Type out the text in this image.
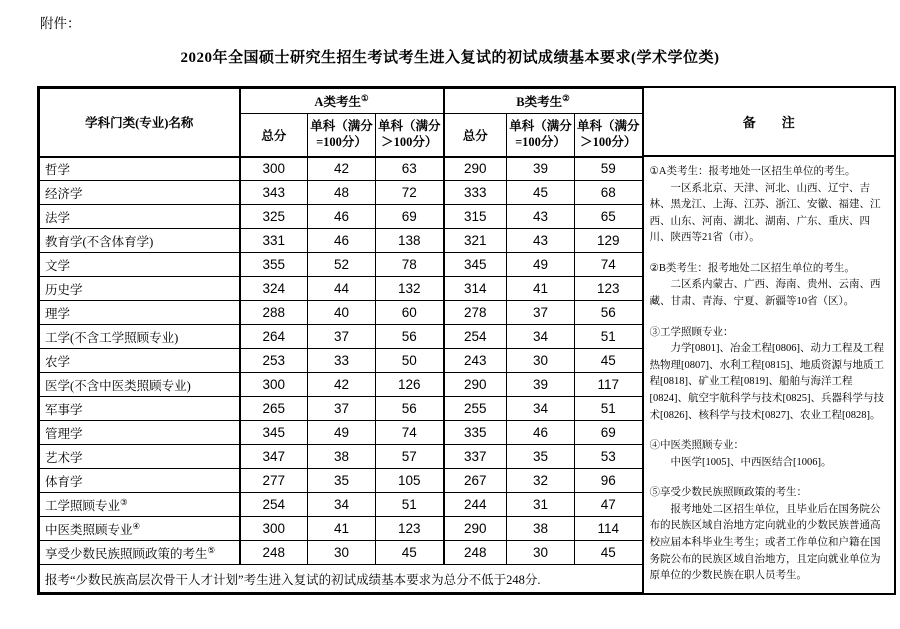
附件：
2020年全国硕士研究生招生考试考生进入复试的初试成绩基本要求(学术学位类)
学科门类(专业)名称	A类考生①			B类考生②
	总分	单科（满分
=100分）	单科（满分
＞100分）	总分	单科（满分
=100分）	单科（满分
＞100分）
哲学	300	42	63	290	39	59
经济学	343	48	72	333	45	68
法学	325	46	69	315	43	65
教育学(不含体育学)	331	46	138	321	43	129
文学	355	52	78	345	49	74
历史学	324	44	132	314	41	123
理学	288	40	60	278	37	56
工学(不含工学照顾专业)	264	37	56	254	34	51
农学	253	33	50	243	30	45
医学(不含中医类照顾专业)	300	42	126	290	39	117
军事学	265	37	56	255	34	51
管理学	345	49	74	335	46	69
艺术学	347	38	57	337	35	53
体育学	277	35	105	267	32	96
工学照顾专业③	254	34	51	244	31	47
中医类照顾专业④	300	41	123	290	38	114
享受少数民族照顾政策的考生⑤	248	30	45	248	30	45
报考“少数民族高层次骨干人才计划”考生进入复试的初试成绩基本要求为总分不低于248分.						
备　　注

①A类考生：报考地处一区招生单位的考生。

一区系北京、天津、河北、山西、辽宁、吉林、黑龙江、上海、江苏、浙江、安徽、福建、江西、山东、河南、湖北、湖南、广东、重庆、四川、陕西等21省（市）。

②B类考生：报考地处二区招生单位的考生。

二区系内蒙古、广西、海南、贵州、云南、西藏、甘肃、青海、宁夏、新疆等10省（区）。

③工学照顾专业：

力学[0801]、冶金工程[0806]、动力工程及工程热物理[0807]、水利工程[0815]、地质资源与地质工程[0818]、矿业工程[0819]、船舶与海洋工程[0824]、航空宇航科学与技术[0825]、兵器科学与技术[0826]、核科学与技术[0827]、农业工程[0828]。

④中医类照顾专业：

中医学[1005]、中西医结合[1006]。

⑤享受少数民族照顾政策的考生：

报考地处二区招生单位，且毕业后在国务院公布的民族区域自治地方定向就业的少数民族普通高校应届本科毕业生考生；或者工作单位和户籍在国务院公布的民族区域自治地方，且定向就业单位为原单位的少数民族在职人员考生。
